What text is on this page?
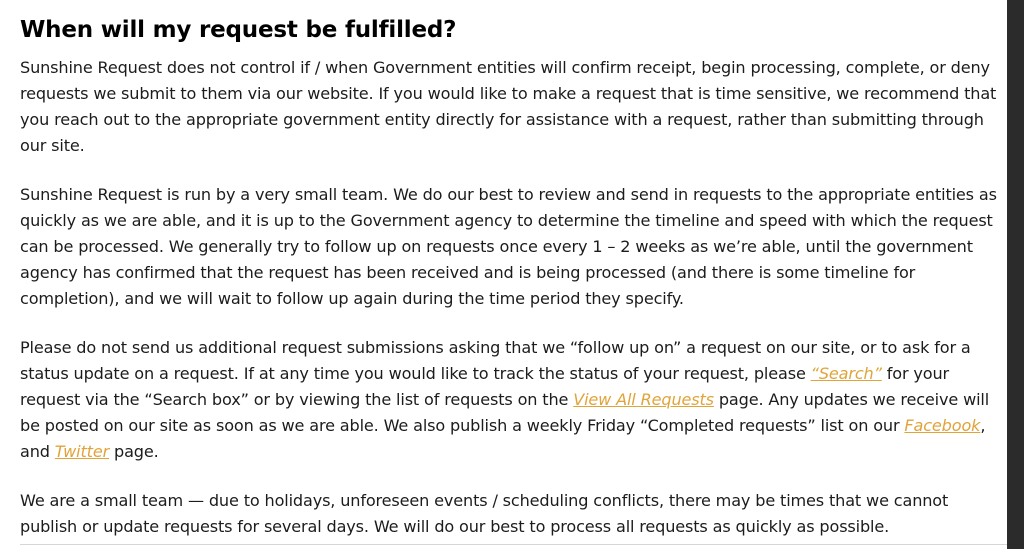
When will my request be fulfilled?

Sunshine Request does not control if / when Government entities will confirm receipt, begin processing, complete, or deny requests we submit to them via our website. If you would like to make a request that is time sensitive, we recommend that you reach out to the appropriate government entity directly for assistance with a request, rather than submitting through our site.

Sunshine Request is run by a very small team. We do our best to review and send in requests to the appropriate entities as quickly as we are able, and it is up to the Government agency to determine the timeline and speed with which the request can be processed. We generally try to follow up on requests once every 1 – 2 weeks as we’re able, until the government agency has confirmed that the request has been received and is being processed (and there is some timeline for completion), and we will wait to follow up again during the time period they specify.

Please do not send us additional request submissions asking that we “follow up on” a request on our site, or to ask for a status update on a request. If at any time you would like to track the status of your request, please “Search” for your request via the “Search box” or by viewing the list of requests on the View All Requests page. Any updates we receive will be posted on our site as soon as we are able. We also publish a weekly Friday “Completed requests” list on our Facebook, and Twitter page.

We are a small team — due to holidays, unforeseen events / scheduling conflicts, there may be times that we cannot publish or update requests for several days. We will do our best to process all requests as quickly as possible.
